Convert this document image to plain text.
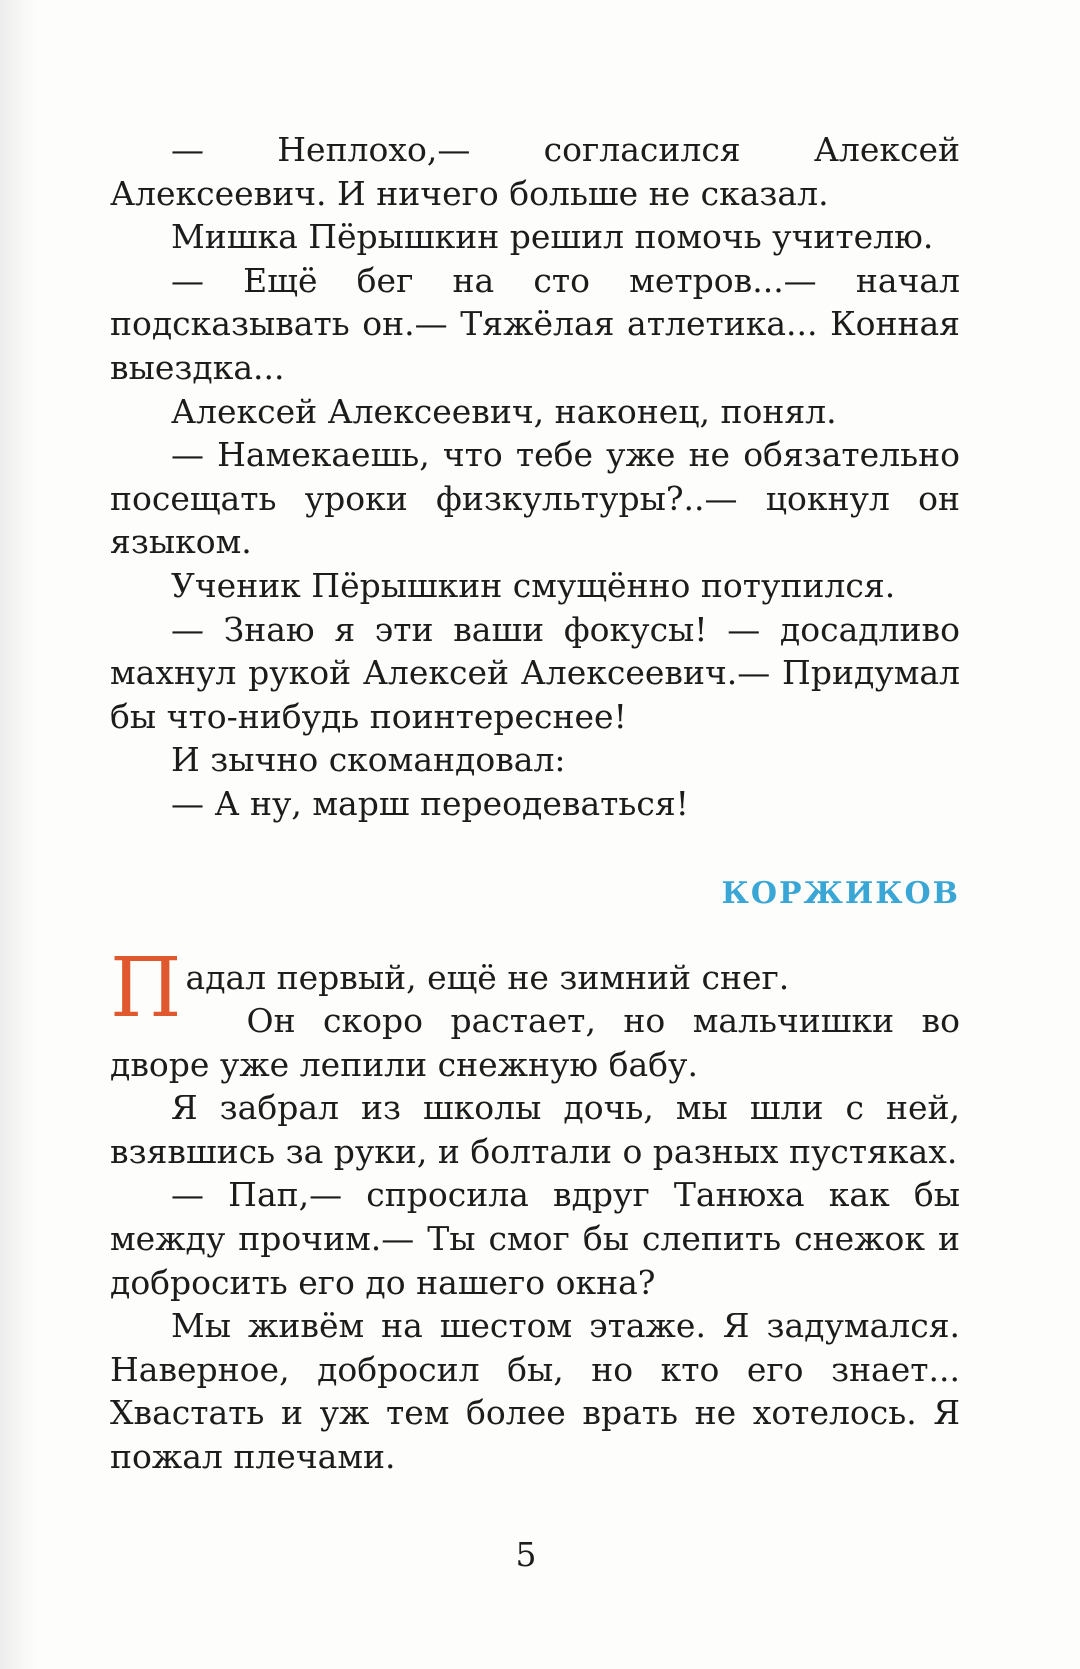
— Неплохо,— согласился Алексей Алексеевич. И ничего больше не сказал.

Мишка Пёрышкин решил помочь учителю.

— Ещё бег на сто метров...— начал подсказывать он.— Тяжёлая атлетика... Конная выездка...

Алексей Алексеевич, наконец, понял.

— Намекаешь, что тебе уже не обязательно посещать уроки физкультуры?..— цокнул он языком.

Ученик Пёрышкин смущённо потупился.

— Знаю я эти ваши фокусы! — досадливо махнул рукой Алексей Алексеевич.— Придумал бы что-нибудь поинтереснее!

И зычно скомандовал:

— А ну, марш переодеваться!

КОРЖИКОВ

Падал первый, ещё не зимний снег.

Он скоро растает, но мальчишки во дворе уже лепили снежную бабу.

Я забрал из школы дочь, мы шли с ней, взявшись за руки, и болтали о разных пустяках.

— Пап,— спросила вдруг Танюха как бы между прочим.— Ты смог бы слепить снежок и добросить его до нашего окна?

Мы живём на шестом этаже. Я задумался. Наверное, добросил бы, но кто его знает... Хвастать и уж тем более врать не хотелось. Я пожал плечами.

5
